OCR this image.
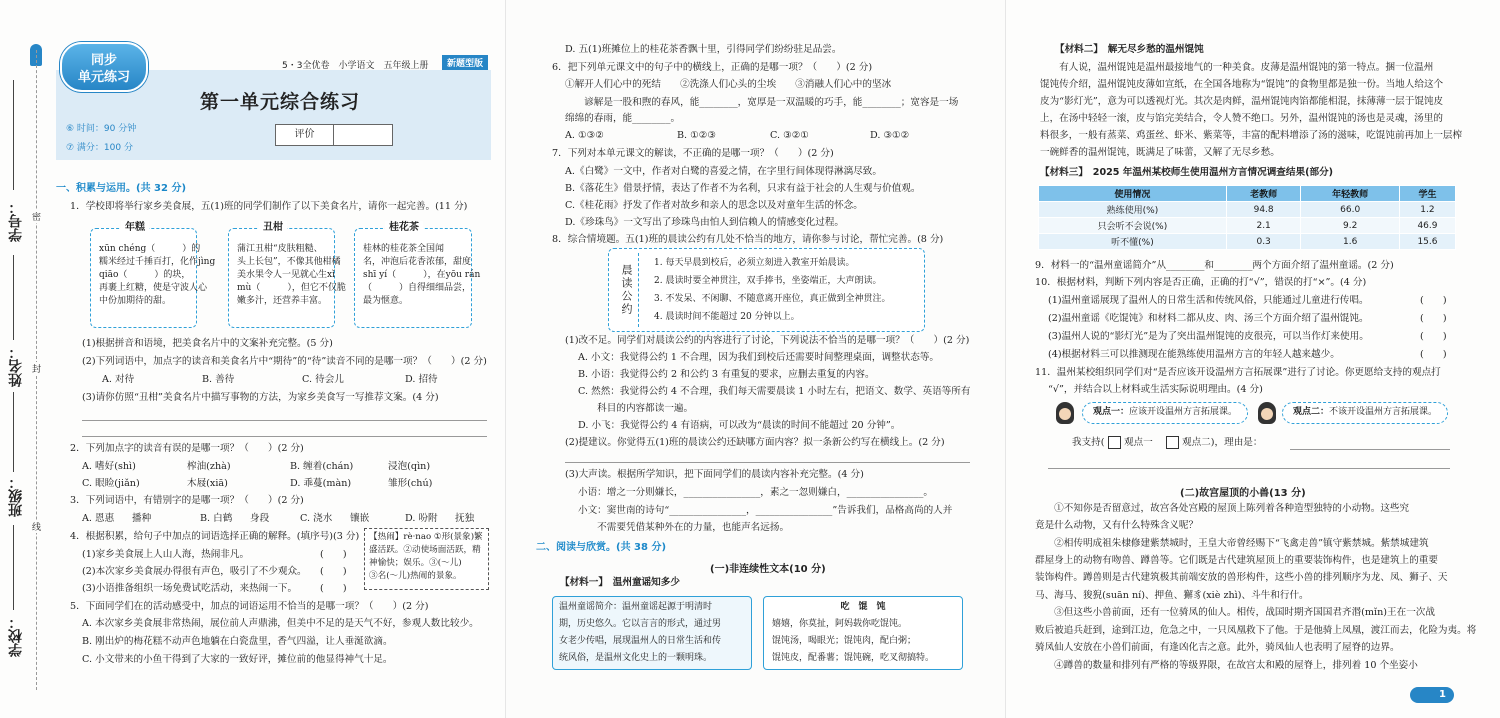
学号：
姓名：
班级：
学校：
密
封
线
同步
单元练习
5・3全优卷　小学语文　五年级上册	新题型版
第一单元综合练习
⑥ 时间：90 分钟
⑦ 满分：100 分
评价
一、积累与运用。(共 32 分)
1．学校即将举行家乡美食展，五(1)班的同学们制作了以下美食名片，请你一起完善。(11 分)
年糕
xūn chéng（　　　）的
糯米经过千捶百打，化作jìng
qiāo（　　　）的块，
再裹上红糖，使是守波人心
中份加期待的甜。
丑柑
蒲江丑柑“皮肤粗糙、
头上长包”，不像其他柑橘
美水果令人一见就心生xǐ
mù（　　　），但它不仅脆
嫩多汁，还营养丰富。
桂花茶
桂林的桂花茶全国闻
名，冲泡后花香浓郁，甜度
shī yí（　　　），在yōu rán
（　　　）自得细细品尝，
最为惬意。
(1)根据拼音和语境，把美食名片中的文案补充完整。(5 分)
(2)下列词语中，加点字的读音和美食名片中“期待”的“待”读音不同的是哪一项？（　　）(2 分)
A. 对待	B. 善待	C. 待会儿	D. 招待
(3)请你仿照“丑柑”美食名片中描写事物的方法，为家乡美食写一写推荐文案。(4 分)
2．下列加点字的读音有误的是哪一项？（　　）(2 分)
A. 嗜好(shì)	榨油(zhà)	B. 缠着(chán)	浸泡(qìn)
C. 眼睑(jiǎn)	木屐(xiā)	D. 乖蔓(màn)	雏形(chú)
3．下列词语中，有错别字的是哪一项？（　　）(2 分)
A. 恩惠 播种	B. 白鹤 身段	C. 浇水 镶嵌	D. 吩附 抚独
4．根据积累，给句子中加点的词语选择正确的解释。(填序号)(3 分)
(1)家乡美食展上人山人海，热闹非凡。	(　　)
(2)本次家乡美食展办得很有声色，吸引了不少观众。 (　　)
(3)小语推备组织一场免费试吃活动，来热闹一下。 (　　)
【热闹】rè·nao ①形(景象)繁
盛活跃。②动使场面活跃，精
神愉快；娱乐。③(～儿)
③名(～儿)热闹的景象。
5．下面同学们在的活动感受中，加点的词语运用不恰当的是哪一项？（　　）(2 分)
A. 本次家乡美食展非常热闹，展位前人声鼎沸，但美中不足的是天气不好，参观人数比较少。
B. 刚出炉的梅花糕不动声色地躺在白瓷盘里，香气四溢，让人垂涎欲滴。
C. 小文带来的小鱼干得到了大家的一致好评，摊位前的他显得神气十足。
D. 五(1)班摊位上的桂花茶香飘十里，引得同学们纷纷驻足品尝。
6．把下列单元课文中的句子中的横线上，正确的是哪一项？（　　）(2 分)
①解开人们心中的死结　　②洗涤人们心头的尘埃　　③消融人们心中的坚冰
　　谚解是一股和煦的春风，能________，宽厚是一双温暖的巧手，能________；宽容是一场
绵绵的春雨，能________。
A. ①③②	B. ①②③	C. ③②①	D. ③①②
7．下列对本单元课文的解读，不正确的是哪一项？（　　）(2 分)
A.《白鹭》一文中，作者对白鹭的喜爱之情，在字里行间体现得淋漓尽致。
B.《落花生》借景抒情，表达了作者不为名利，只求有益于社会的人生观与价值观。
C.《桂花雨》抒发了作者对故乡和亲人的思念以及对童年生活的怀念。
D.《珍珠鸟》一文写出了珍珠鸟由怕人到信赖人的情感变化过程。
8．综合情境题。五(1)班的晨读公约有几处不恰当的地方，请你参与讨论，帮忙完善。(8 分)
晨读公约
1. 每天早晨到校后，必须立刻进入教室开始晨读。
2. 晨读时要全神贯注，双手捧书，坐姿端正，大声朗读。
3. 不发呆、不闲聊、不随意离开座位，真正做到全神贯注。
4. 晨读时间不能超过 20 分钟以上。
(1)改不足。同学们对晨读公约的内容进行了讨论，下列说法不恰当的是哪一项？（　　）(2 分)
A. 小文：我觉得公约 1 不合理，因为我们到校后还需要时间整理桌面，调整状态等。
B. 小语：我觉得公约 2 和公约 3 有重复的要求，应删去重复的内容。
C. 然然：我觉得公约 4 不合理，我们每天需要晨读 1 小时左右，把语文、数学、英语等所有
　　科目的内容都读一遍。
D. 小飞：我觉得公约 4 有语病，可以改为“晨读的时间不能超过 20 分钟”。
(2)提建议。你觉得五(1)班的晨读公约还缺哪方面内容？拟一条新公约写在横线上。(2 分)
(3)大声读。根据所学知识，把下面同学们的晨读内容补充完整。(4 分)
小语：增之一分则嫌长，________________，素之一忽则嫌白，________________。
小文：窦世南的诗句“________________，________________”告诉我们，品格高尚的人并
　　不需要凭借某种外在的力量，也能声名远扬。
二、阅读与欣赏。(共 38 分)
(一)非连续性文本(10 分)
【材料一】　温州童谣知多少
温州童谣简介：温州童谣起源于明清时
期，历史悠久。它以言言的形式，通过男
女老少传唱，展现温州人的日常生活和传
统风俗，是温州文化史上的一颗明珠。
吃　馄　饨
嬉嬉，你莫扯，阿妈载你吃馄饨。
馄饨汤，喝眼光；馄饨肉，配白粥；
馄饨皮，配番薯；馄饨碗，吃叉彻搞特。
【材料二】　解无尽乡愁的温州馄饨
　　有人说，温州馄饨是温州最接地气的一种美食。皮薄是温州馄饨的第一特点。捆一位温州
馄饨传介绍，温州馄饨皮薄如宣纸，在全国各地称为“馄饨”的食物里都是独一份。当地人给这个
皮为“影灯光”，意为可以透视灯光。其次是肉鲜，温州馄饨肉馅都能相混，抹薄薄一层于馄饨皮
上，在汤中轻轻一滚，皮与馅完美结合，令人赞不绝口。另外，温州馄饨的汤也是灵魂，汤里的
料很多，一般有蒸菜、鸡蛋丝、虾米、紫菜等，丰富的配料增添了汤的滋味，吃馄饨前再加上一层榨
一碗鲜香的温州馄饨，既满足了味蕾，又解了无尽乡愁。
【材料三】　2025 年温州某校师生使用温州方言情况调查结果(部分)
使用情况	老教师	年轻教师	学生
熟练使用(%)	94.8	66.0	1.2
只会听不会说(%)	2.1	9.2	46.9
听不懂(%)	0.3	1.6	15.6
9．材料一的“温州童谣简介”从________和________两个方面介绍了温州童谣。(2 分)
10．根据材料，判断下列内容是否正确，正确的打“√”，错误的打“×”。(4 分)
(1)温州童谣展现了温州人的日常生活和传统风俗，只能通过儿童进行传唱。	(　　)
(2)温州童谣《吃馄饨》和材料二都从皮、肉、汤三个方面介绍了温州馄饨。	(　　)
(3)温州人说的“影灯光”是为了突出温州馄饨的皮很亮，可以当作灯来使用。	(　　)
(4)根据材料三可以推测现在能熟练使用温州方言的年轻人越来越少。	(　　)
11．温州某校组织同学们对“是否应该开设温州方言拓展课”进行了讨论。你更愿给支持的观点打
“√”，并结合以上材料或生活实际说明理由。(4 分)
观点一：应该开设温州方言拓展课。	观点二：不该开设温州方言拓展课。
我支持( 观点一	观点二)，理由是：
(二)故宫屋顶的小兽(13 分)
　　①不知你是否留意过，故宫各处宫殿的屋顶上陈列着各种造型独特的小动物。这些究
竟是什么动物，又有什么特殊含义呢？
　　②相传明成祖朱棣修建紫禁城时，王皇大帝曾经赐下“飞禽走兽”镇守紫禁城。紫禁城建筑
群屋身上的动物有吻兽、蹲兽等。它们既是古代建筑屋顶上的重要装饰构件，也是建筑上的重要
装饰构件。蹲兽则是古代建筑极其前端安放的兽形构件，这些小兽的排列顺序为龙、凤、狮子、天
马、海马、狻猊(suān ní)、押鱼、獬豸(xiè zhì)、斗牛和行什。
　　③但这些小兽前面，还有一位骑凤的仙人。相传，战国时期齐国国君齐湣(mǐn)王在一次战
败后被追兵赶到，途到江边，危急之中，一只凤凰救下了他。于是他骑上凤凰，渡江而去，化险为夷。将
骑凤仙人安放在小兽们前面，有逢凶化吉之意。此外，骑凤仙人也表明了屋脊的边界。
　　④蹲兽的数量和排列有严格的等级界限，在故宫太和殿的屋脊上，排列着 10 个坐姿小
1
